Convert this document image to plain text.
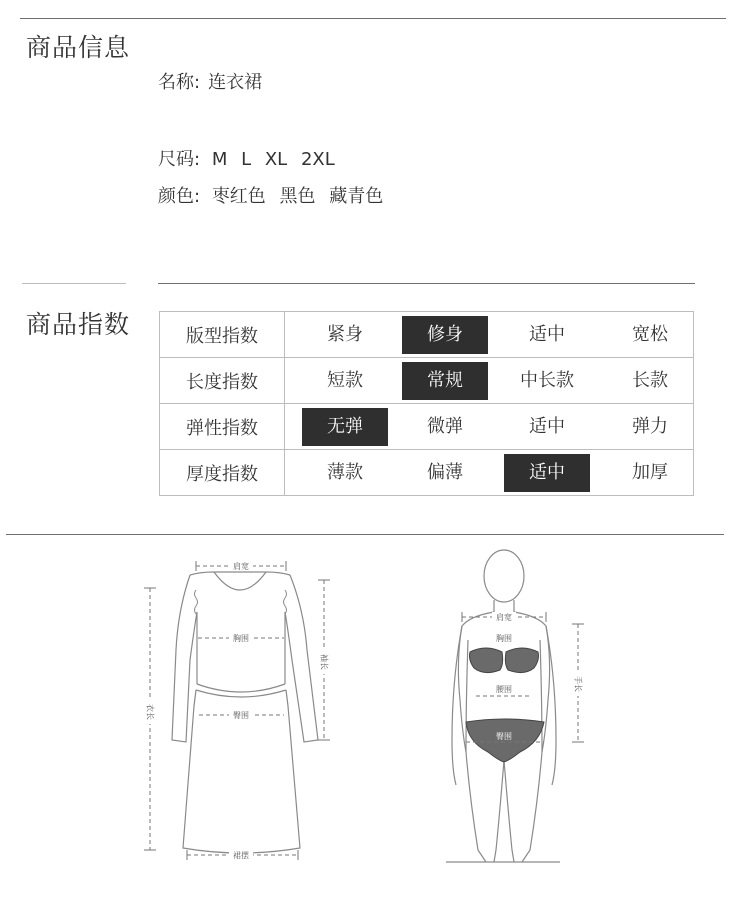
商品信息
名称: 连衣裙
尺码: M L XL 2XL
颜色: 枣红色 黑色 藏青色
商品指数	版型指数	紧身 修身 适中 宽松

长度指数	短款 常规 中长款 长款

弹性指数	无弹 微弹 适中 弹力

厚度指数	薄款 偏薄 适中 加厚
肩宽
胸围
臀围
裙摆
衣长
袖长
肩宽
胸围
腰围
臀围
手长
